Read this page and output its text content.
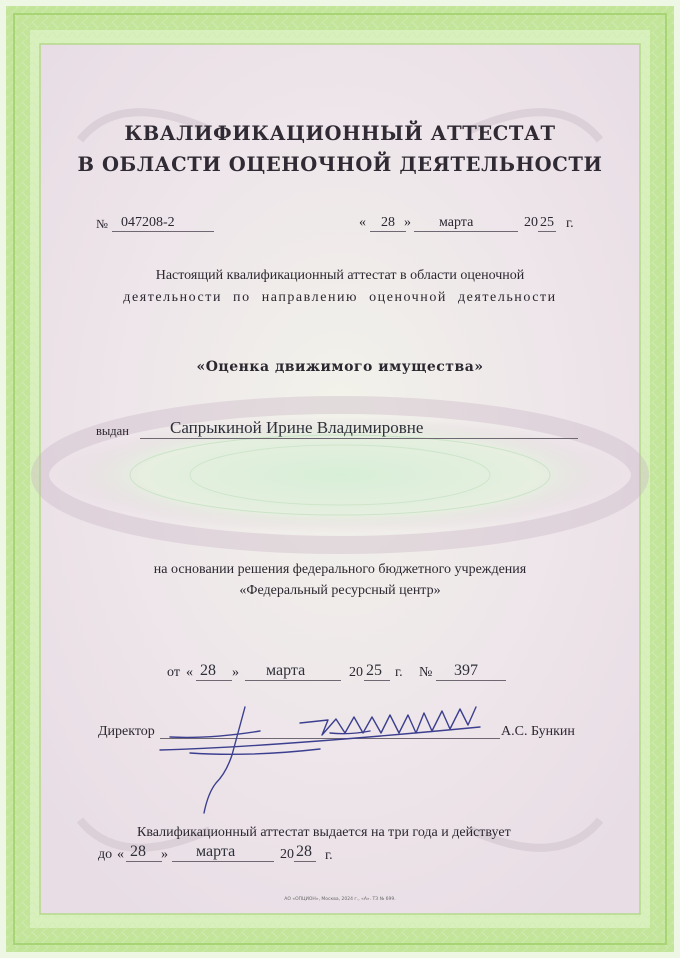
КВАЛИФИКАЦИОННЫЙ АТТЕСТАТ
В ОБЛАСТИ ОЦЕНОЧНОЙ ДЕЯТЕЛЬНОСТИ
№ 047208-2	« 28 » марта	20 25 г.
Настоящий квалификационный аттестат в области оценочной
деятельности по направлению оценочной деятельности
«Оценка движимого имущества»
выдан Сапрыкиной Ирине Владимировне
на основании решения федерального бюджетного учреждения
«Федеральный ресурсный центр»
от « 28 » марта	20 25 г. № 397
Директор	А.С. Бункин
Квалификационный аттестат выдается на три года и действует
до « 28 » марта	20 28 г.
АО «ОПЦИОН», Москва, 2024 г., «А». ТЗ № 699.
